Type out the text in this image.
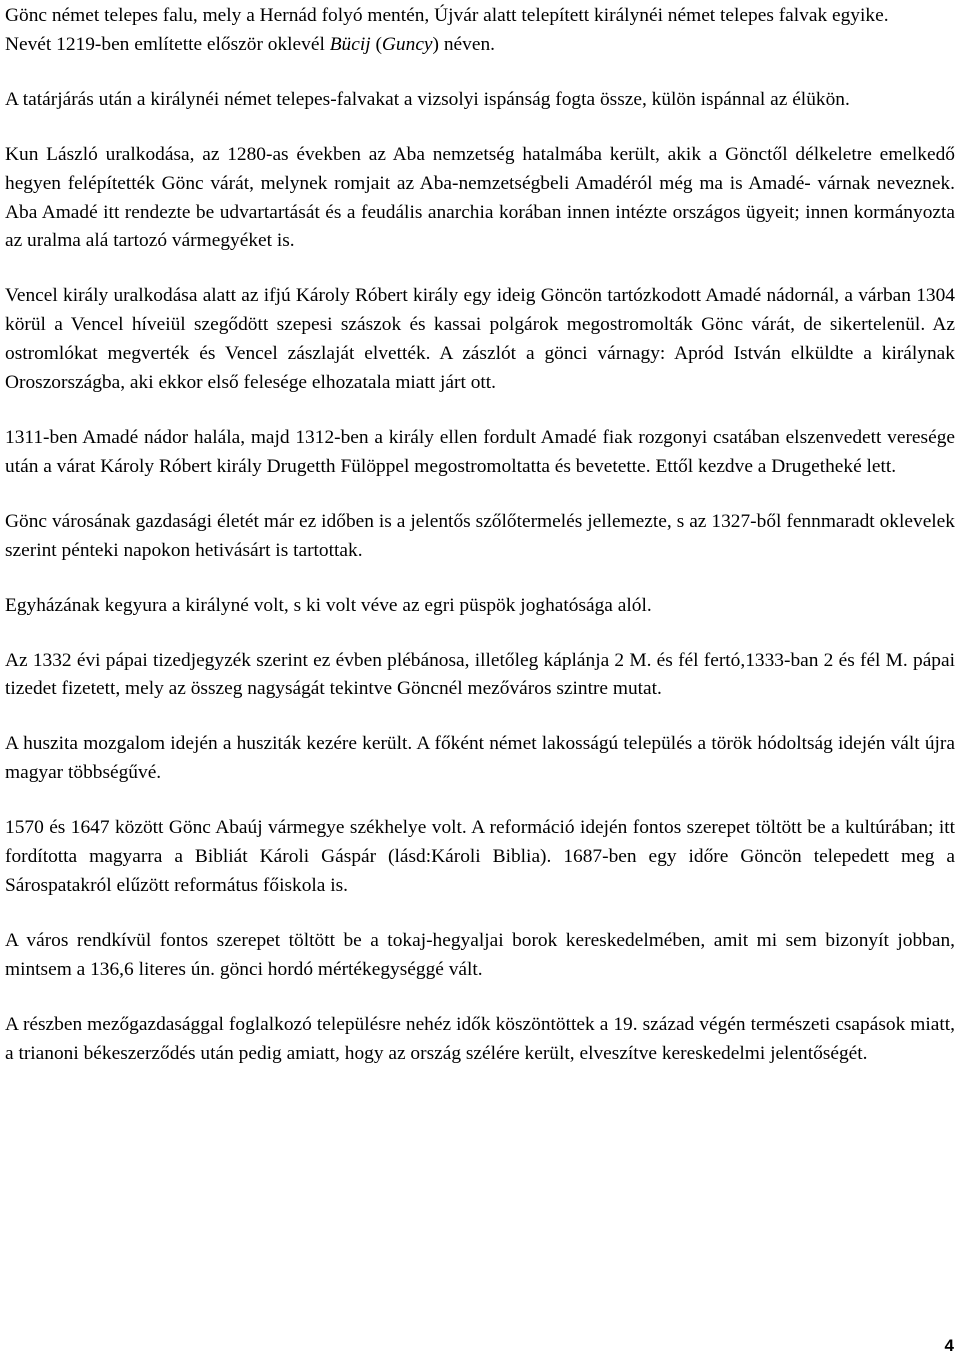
Gönc német telepes falu, mely a Hernád folyó mentén, Újvár alatt telepített királynéi német telepes falvak egyike.

Nevét 1219-ben említette először oklevél Bücij (Guncy) néven.

A tatárjárás után a királynéi német telepes-falvakat a vizsolyi ispánság fogta össze, külön ispánnal az élükön.

Kun László uralkodása, az 1280-as években az Aba nemzetség hatalmába került, akik a Gönctől délkeletre emelkedő hegyen felépítették Gönc várát, melynek romjait az Aba-nemzetségbeli Amadéról még ma is Amadé- várnak neveznek. Aba Amadé itt rendezte be udvartartását és a feudális anarchia korában innen intézte országos ügyeit; innen kormányozta az uralma alá tartozó vármegyéket is.

Vencel király uralkodása alatt az ifjú Károly Róbert király egy ideig Göncön tartózkodott Amadé nádornál, a várban 1304 körül a Vencel híveiül szegődött szepesi szászok és kassai polgárok megostromolták Gönc várát, de sikertelenül. Az ostromlókat megverték és Vencel zászlaját elvették. A zászlót a gönci várnagy: Apród István elküldte a királynak Oroszországba, aki ekkor első felesége elhozatala miatt járt ott.

1311-ben Amadé nádor halála, majd 1312-ben a király ellen fordult Amadé fiak rozgonyi csatában elszenvedett veresége után a várat Károly Róbert király Drugetth Fülöppel megostromoltatta és bevetette. Ettől kezdve a Drugetheké lett.

Gönc városának gazdasági életét már ez időben is a jelentős szőlőtermelés jellemezte, s az 1327-ből fennmaradt oklevelek szerint pénteki napokon hetivásárt is tartottak.

Egyházának kegyura a királyné volt, s ki volt véve az egri püspök joghatósága alól.

Az 1332 évi pápai tizedjegyzék szerint ez évben plébánosa, illetőleg káplánja 2 M. és fél fertó,1333-ban 2 és fél M. pápai tizedet fizetett, mely az összeg nagyságát tekintve Göncnél mezőváros szintre mutat.

A huszita mozgalom idején a husziták kezére került. A főként német lakosságú település a török hódoltság idején vált újra magyar többségűvé.

1570 és 1647 között Gönc Abaúj vármegye székhelye volt. A reformáció idején fontos szerepet töltött be a kultúrában; itt fordította magyarra a Bibliát Károli Gáspár (lásd:Károli Biblia). 1687-ben egy időre Göncön telepedett meg a Sárospatakról elűzött református főiskola is.

A város rendkívül fontos szerepet töltött be a tokaj-hegyaljai borok kereskedelmében, amit mi sem bizonyít jobban, mintsem a 136,6 literes ún. gönci hordó mértékegységgé vált.

A részben mezőgazdasággal foglalkozó településre nehéz idők köszöntöttek a 19. század végén természeti csapások miatt, a trianoni békeszerződés után pedig amiatt, hogy az ország szélére került, elveszítve kereskedelmi jelentőségét.

4
